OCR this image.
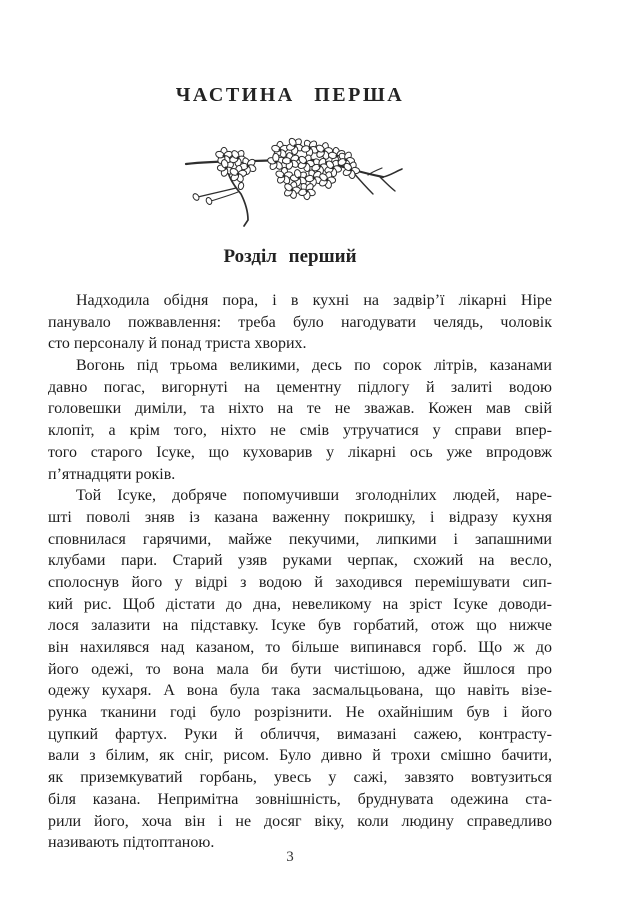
ЧАСТИНА ПЕРША
Розділ перший
Надходила обідня пора, і в кухні на задвір’ї лікарні Ніре
панувало пожвавлення: треба було нагодувати челядь, чоловік
сто персоналу й понад триста хворих.
Вогонь під трьома великими, десь по сорок літрів, казанами
давно погас, вигорнуті на цементну підлогу й залиті водою
головешки диміли, та ніхто на те не зважав. Кожен мав свій
клопіт, а крім того, ніхто не смів утручатися у справи впер-
того старого Ісуке, що куховарив у лікарні ось уже впродовж
п’ятнадцяти років.
Той Ісуке, добряче попомучивши зголоднілих людей, наре-
шті поволі зняв із казана важенну покришку, і відразу кухня
сповнилася гарячими, майже пекучими, липкими і запашними
клубами пари. Старий узяв руками черпак, схожий на весло,
сполоснув його у відрі з водою й заходився перемішувати сип-
кий рис. Щоб дістати до дна, невеликому на зріст Ісуке доводи-
лося залазити на підставку. Ісуке був горбатий, отож що нижче
він нахилявся над казаном, то більше випинався горб. Що ж до
його одежі, то вона мала би бути чистішою, адже йшлося про
одежу кухаря. А вона була така засмальцьована, що навіть візе-
рунка тканини годі було розрізнити. Не охайнішим був і його
цупкий фартух. Руки й обличчя, вимазані сажею, контрасту-
вали з білим, як сніг, рисом. Було дивно й трохи смішно бачити,
як приземкуватий горбань, увесь у сажі, завзято вовтузиться
біля казана. Непримітна зовнішність, бруднувата одежина ста-
рили його, хоча він і не досяг віку, коли людину справедливо
називають підтоптаною.
3
